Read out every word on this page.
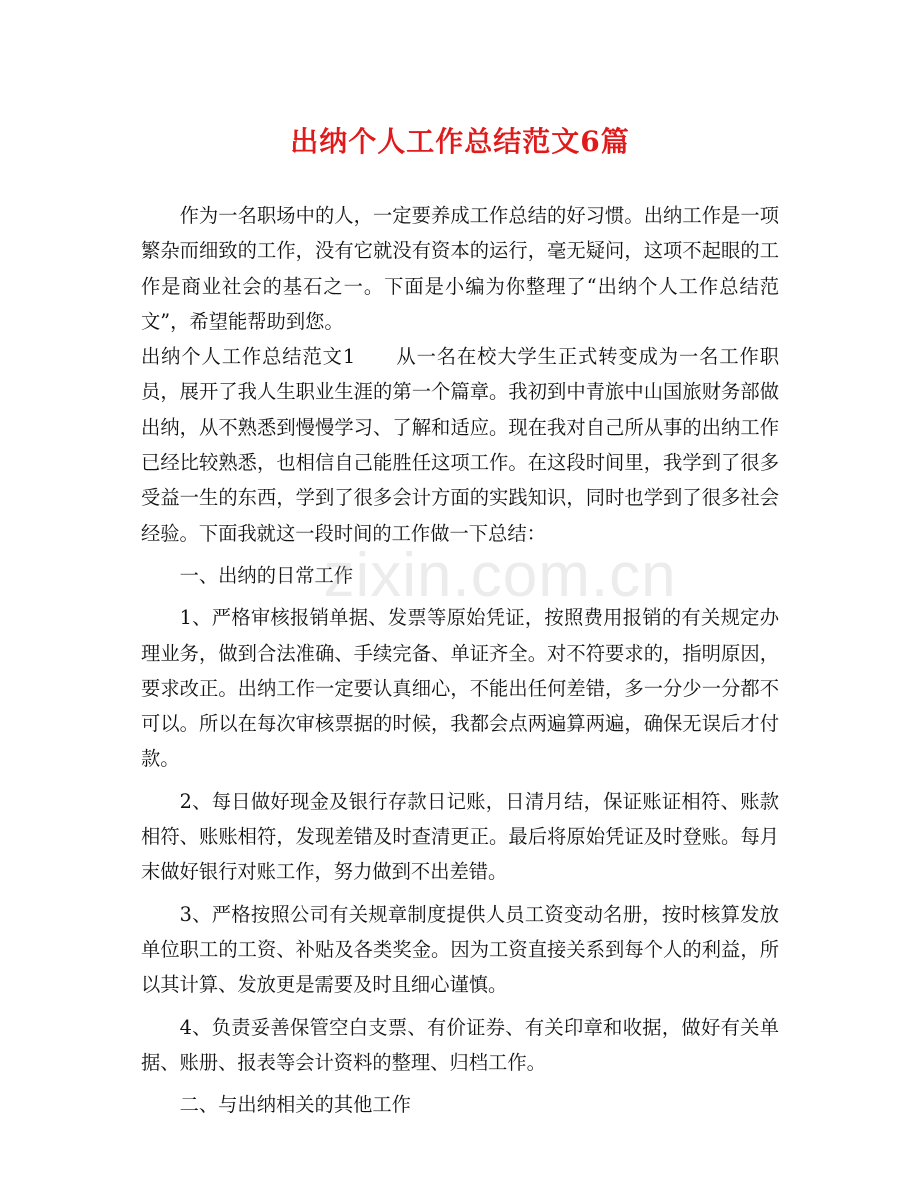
出纳个人工作总结范文6篇

作为一名职场中的人，一定要养成工作总结的好习惯。出纳工作是一项繁杂而细致的工作，没有它就没有资本的运行，毫无疑问，这项不起眼的工作是商业社会的基石之一。下面是小编为你整理了“出纳个人工作总结范文”，希望能帮助到您。

出纳个人工作总结范文1　　从一名在校大学生正式转变成为一名工作职员，展开了我人生职业生涯的第一个篇章。我初到中青旅中山国旅财务部做出纳，从不熟悉到慢慢学习、了解和适应。现在我对自己所从事的出纳工作已经比较熟悉，也相信自己能胜任这项工作。在这段时间里，我学到了很多受益一生的东西，学到了很多会计方面的实践知识，同时也学到了很多社会经验。下面我就这一段时间的工作做一下总结：

一、出纳的日常工作

1、严格审核报销单据、发票等原始凭证，按照费用报销的有关规定办理业务，做到合法准确、手续完备、单证齐全。对不符要求的，指明原因，要求改正。出纳工作一定要认真细心，不能出任何差错，多一分少一分都不可以。所以在每次审核票据的时候，我都会点两遍算两遍，确保无误后才付款。

2、每日做好现金及银行存款日记账，日清月结，保证账证相符、账款相符、账账相符，发现差错及时查清更正。最后将原始凭证及时登账。每月末做好银行对账工作，努力做到不出差错。

3、严格按照公司有关规章制度提供人员工资变动名册，按时核算发放单位职工的工资、补贴及各类奖金。因为工资直接关系到每个人的利益，所以其计算、发放更是需要及时且细心谨慎。

4、负责妥善保管空白支票、有价证券、有关印章和收据，做好有关单据、账册、报表等会计资料的整理、归档工作。

二、与出纳相关的其他工作

zixin.com.cn
